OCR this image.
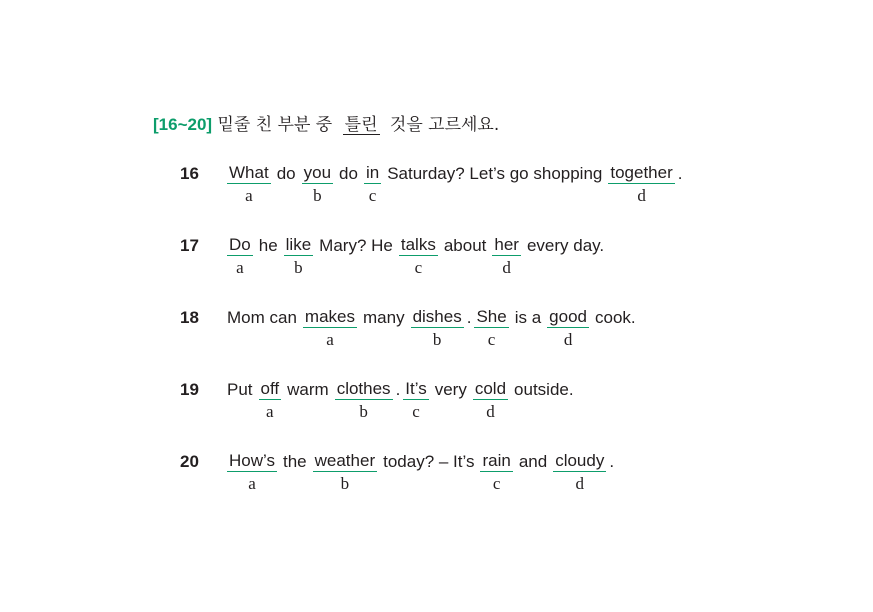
[16~20] 밑줄 친 부분 중 틀린 것을 고르세요.
16 What
a
do you
b
do in
c
Saturday? Let’s go shopping together
d
.
17 Do
a
he like
b
Mary? He talks
c
about her
d
every day.
18 Mom can makes
a
many dishes
b
. She
c
is a good
d
cook.
19 Put off
a
warm clothes
b
. It’s
c
very cold
d
outside.
20 How’s
a
the weather
b
today? – It’s rain
c
and cloudy
d
.
